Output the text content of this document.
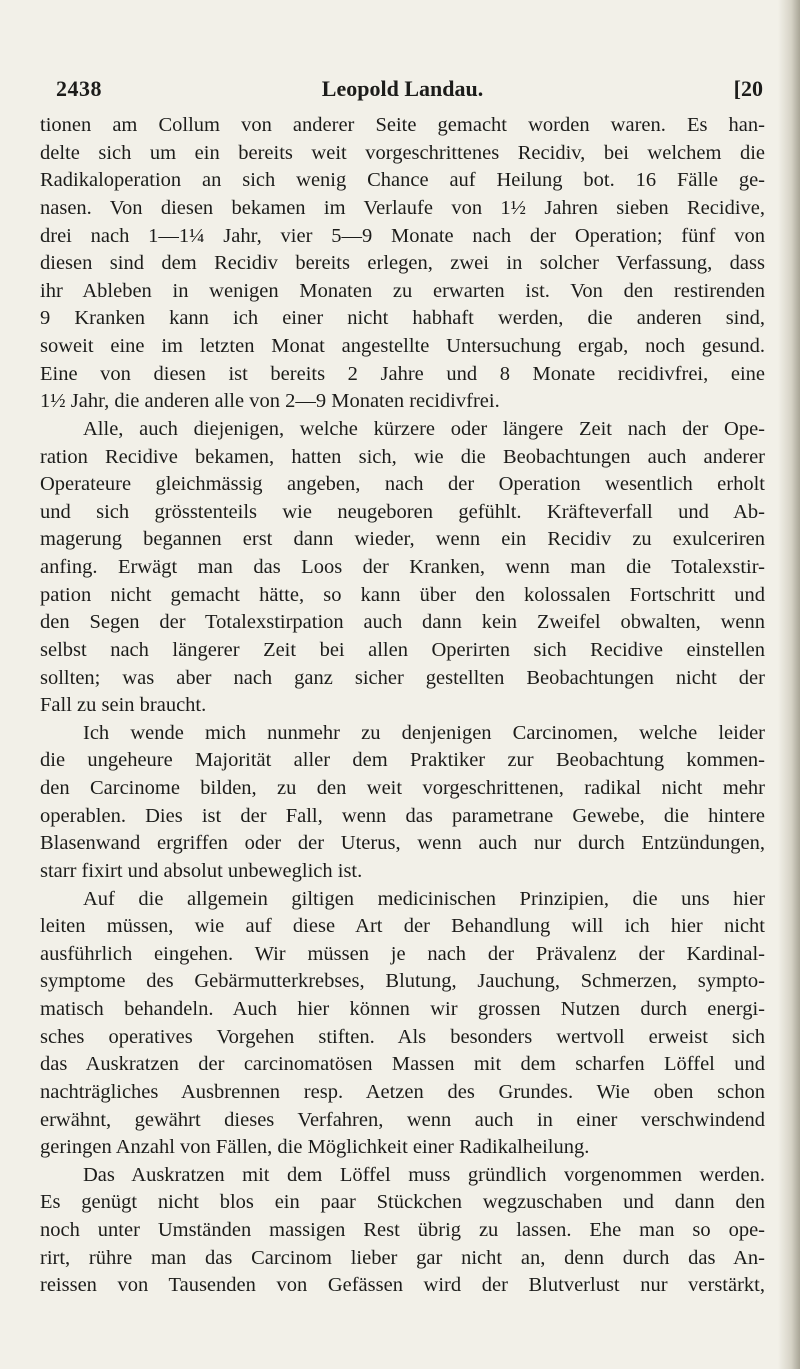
2438	Leopold Landau.	[20
tionen am Collum von anderer Seite gemacht worden waren. Es han-
delte sich um ein bereits weit vorgeschrittenes Recidiv, bei welchem die
Radikaloperation an sich wenig Chance auf Heilung bot. 16 Fälle ge-
nasen. Von diesen bekamen im Verlaufe von 1½ Jahren sieben Recidive,
drei nach 1—1¼ Jahr, vier 5—9 Monate nach der Operation; fünf von
diesen sind dem Recidiv bereits erlegen, zwei in solcher Verfassung, dass
ihr Ableben in wenigen Monaten zu erwarten ist. Von den restirenden
9 Kranken kann ich einer nicht habhaft werden, die anderen sind,
soweit eine im letzten Monat angestellte Untersuchung ergab, noch gesund.
Eine von diesen ist bereits 2 Jahre und 8 Monate recidivfrei, eine
1½ Jahr, die anderen alle von 2—9 Monaten recidivfrei.
Alle, auch diejenigen, welche kürzere oder längere Zeit nach der Ope-
ration Recidive bekamen, hatten sich, wie die Beobachtungen auch anderer
Operateure gleichmässig angeben, nach der Operation wesentlich erholt
und sich grösstenteils wie neugeboren gefühlt. Kräfteverfall und Ab-
magerung begannen erst dann wieder, wenn ein Recidiv zu exulceriren
anfing. Erwägt man das Loos der Kranken, wenn man die Totalexstir-
pation nicht gemacht hätte, so kann über den kolossalen Fortschritt und
den Segen der Totalexstirpation auch dann kein Zweifel obwalten, wenn
selbst nach längerer Zeit bei allen Operirten sich Recidive einstellen
sollten; was aber nach ganz sicher gestellten Beobachtungen nicht der
Fall zu sein braucht.
Ich wende mich nunmehr zu denjenigen Carcinomen, welche leider
die ungeheure Majorität aller dem Praktiker zur Beobachtung kommen-
den Carcinome bilden, zu den weit vorgeschrittenen, radikal nicht mehr
operablen. Dies ist der Fall, wenn das parametrane Gewebe, die hintere
Blasenwand ergriffen oder der Uterus, wenn auch nur durch Entzündungen,
starr fixirt und absolut unbeweglich ist.
Auf die allgemein giltigen medicinischen Prinzipien, die uns hier
leiten müssen, wie auf diese Art der Behandlung will ich hier nicht
ausführlich eingehen. Wir müssen je nach der Prävalenz der Kardinal-
symptome des Gebärmutterkrebses, Blutung, Jauchung, Schmerzen, sympto-
matisch behandeln. Auch hier können wir grossen Nutzen durch energi-
sches operatives Vorgehen stiften. Als besonders wertvoll erweist sich
das Auskratzen der carcinomatösen Massen mit dem scharfen Löffel und
nachträgliches Ausbrennen resp. Aetzen des Grundes. Wie oben schon
erwähnt, gewährt dieses Verfahren, wenn auch in einer verschwindend
geringen Anzahl von Fällen, die Möglichkeit einer Radikalheilung.
Das Auskratzen mit dem Löffel muss gründlich vorgenommen werden.
Es genügt nicht blos ein paar Stückchen wegzuschaben und dann den
noch unter Umständen massigen Rest übrig zu lassen. Ehe man so ope-
rirt, rühre man das Carcinom lieber gar nicht an, denn durch das An-
reissen von Tausenden von Gefässen wird der Blutverlust nur verstärkt,
